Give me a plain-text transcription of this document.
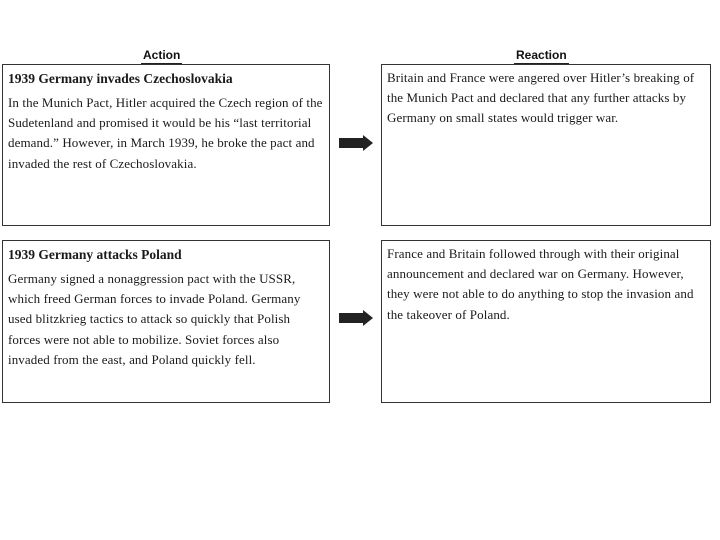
Action	Reaction
1939 Germany invades Czechoslovakia
In the Munich Pact, Hitler acquired the Czech region of the Sudetenland and promised it would be his “last territorial demand.” However, in March 1939, he broke the pact and invaded the rest of Czechoslovakia.
Britain and France were angered over Hitler’s breaking of the Munich Pact and declared that any further attacks by Germany on small states would trigger war.
1939 Germany attacks Poland
Germany signed a nonaggression pact with the USSR, which freed German forces to invade Poland. Germany used blitzkrieg tactics to attack so quickly that Polish forces were not able to mobilize. Soviet forces also invaded from the east, and Poland quickly fell.
France and Britain followed through with their original announcement and declared war on Germany. However, they were not able to do anything to stop the invasion and the takeover of Poland.
